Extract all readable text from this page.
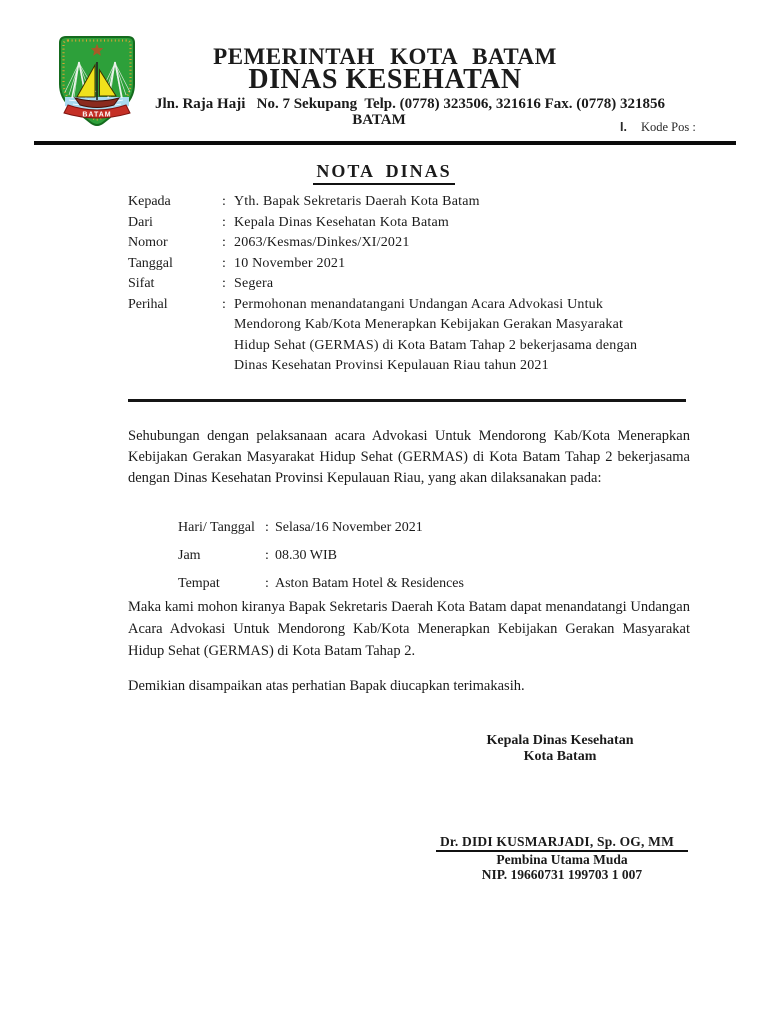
BATAM
PEMERINTAH KOTA BATAM
DINAS KESEHATAN
Jln. Raja Haji   No. 7 Sekupang  Telp. (0778) 323506, 321616 Fax. (0778) 321856
BATAM	I. Kode Pos :
NOTA DINAS
Kepada	: Yth. Bapak Sekretaris Daerah Kota Batam
Dari	: Kepala Dinas Kesehatan Kota Batam
Nomor	: 2063/Kesmas/Dinkes/XI/2021
Tanggal	: 10 November 2021
Sifat	: Segera
Perihal	: Permohonan menandatangani Undangan Acara Advokasi Untuk Mendorong Kab/Kota Menerapkan Kebijakan Gerakan Masyarakat Hidup Sehat (GERMAS) di Kota Batam Tahap 2 bekerjasama dengan Dinas Kesehatan Provinsi Kepulauan Riau tahun 2021

Sehubungan dengan pelaksanaan acara Advokasi Untuk Mendorong Kab/Kota Menerapkan Kebijakan Gerakan Masyarakat Hidup Sehat (GERMAS) di Kota Batam Tahap 2 bekerjasama dengan Dinas Kesehatan Provinsi Kepulauan Riau, yang akan dilaksanakan pada:

Hari/ Tanggal : Selasa/16 November 2021
Jam	: 08.30 WIB
Tempat	: Aston Batam Hotel & Residences

Maka kami mohon kiranya Bapak Sekretaris Daerah Kota Batam dapat menandatangi Undangan Acara Advokasi Untuk Mendorong Kab/Kota Menerapkan Kebijakan Gerakan Masyarakat Hidup Sehat (GERMAS) di Kota Batam Tahap 2.

Demikian disampaikan atas perhatian Bapak diucapkan terimakasih.

Kepala Dinas Kesehatan
Kota Batam
Dr. DIDI KUSMARJADI, Sp. OG, MM
Pembina Utama Muda
NIP. 19660731 199703 1 007
